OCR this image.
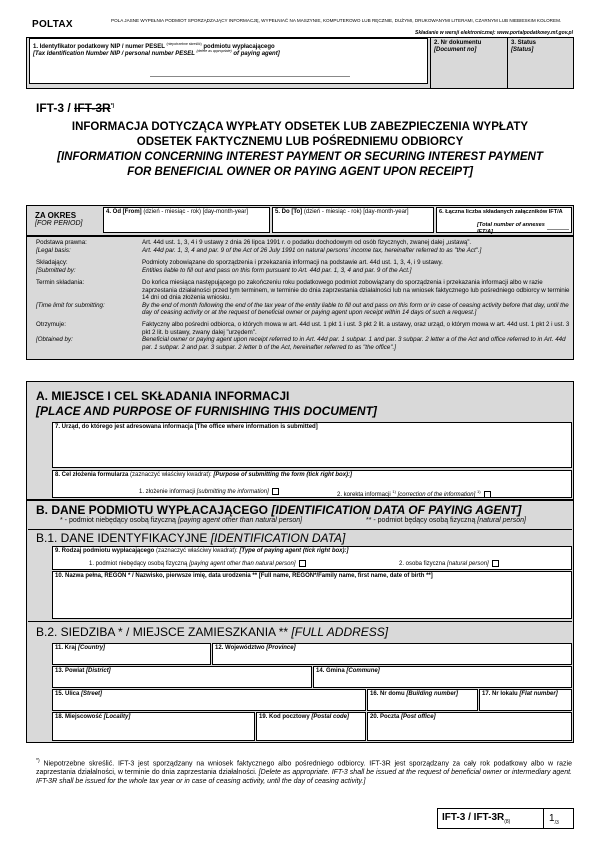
POLTAX	POLA JASNE WYPEŁNIA PODMIOT SPORZĄDZAJĄCY INFORMACJĘ, WYPEŁNIAĆ NA MASZYNIE, KOMPUTEROWO LUB RĘCZNIE, DUŻYMI, DRUKOWANYMI LITERAMI, CZARNYM LUB NIEBIESKIM KOLOREM.
Składanie w wersji elektronicznej: www.portalpodatkowy.mf.gov.pl
1. Identyfikator podatkowy NIP / numer PESEL $^{(niepotrzebne skreślić)}$ podmiotu wypłacającego
[Tax Identification Number NIP / personal number PESEL $^{(delete as appropriate)}$ of paying agent]
2. Nr dokumentu
[Document no]
3. Status
[Status]
IFT-3 / IFT-3R*)
INFORMACJA DOTYCZĄCA WYPŁATY ODSETEK LUB ZABEZPIECZENIA WYPŁATY
ODSETEK FAKTYCZNEMU LUB POŚREDNIEMU ODBIORCY
[INFORMATION CONCERNING INTEREST PAYMENT OR SECURING INTEREST PAYMENT
FOR BENEFICIAL OWNER OR PAYING AGENT UPON RECEIPT]
ZA OKRES
[FOR PERIOD]
4. Od [From] (dzień - miesiąc - rok) [day-month-year]	5. Do [To] (dzień - miesiąc - rok) [day-month-year]	6. Łączna liczba składanych załączników IFT/A
[Total number of annexes IFT/A]
Podstawa prawna:
[Legal basis:
Art. 44d ust. 1, 3, 4 i 9 ustawy z dnia 26 lipca 1991 r. o podatku dochodowym od osób fizycznych, zwanej dalej „ustawą”.
Art. 44d par. 1, 3, 4 and par. 9 of the Act of 26 July 1991 on natural persons' income tax, hereinafter referred to as "the Act".]
Składający:
[Submitted by:
Podmioty zobowiązane do sporządzenia i przekazania informacji na podstawie art. 44d ust. 1, 3, 4, i 9 ustawy.
Entities liable to fill out and pass on this form pursuant to Art. 44d par. 1, 3, 4 and par. 9 of the Act.]
Termin składania:
[Time limit for submitting:
Do końca miesiąca następującego po zakończeniu roku podatkowego podmiot zobowiązany do sporządzenia i przekazania informacji albo w razie zaprzestania działalności przed tym terminem, w terminie do dnia zaprzestania działalności lub na wniosek faktycznego lub pośredniego odbiorcy w terminie 14 dni od dnia złożenia wniosku.
By the end of month following the end of the tax year of the entity liable to fill out and pass on this form or in case of ceasing activity before that day, until the day of ceasing activity or at the request of beneficial owner or paying agent upon receipt within 14 days of such a request.]
Otrzymuje:
[Obtained by:
Faktyczny albo pośredni odbiorca, o których mowa w art. 44d ust. 1 pkt 1 i ust. 3 pkt 2 lit. a ustawy, oraz urząd, o którym mowa w art. 44d ust. 1 pkt 2 i ust. 3 pkt 2 lit. b ustawy, zwany dalej "urzędem".
Beneficial owner or paying agent upon receipt referred to in Art. 44d par. 1 subpar. 1 and par. 3 subpar. 2 letter a of the Act and office referred to in Art. 44d par. 1 subpar. 2 and par. 3 subpar. 2 letter b of the Act, hereinafter referred to as "the office".]
A. MIEJSCE I CEL SKŁADANIA INFORMACJI
[PLACE AND PURPOSE OF FURNISHING THIS DOCUMENT]
7. Urząd, do którego jest adresowana informacja [The office where information is submitted]
8. Cel złożenia formularza (zaznaczyć właściwy kwadrat): [Purpose of submitting the form (tick right box):]
1. złożenie informacji [submitting the information]	2. korekta informacji $^{1)}$ [correction of the information] $^{1)}$
B. DANE PODMIOTU WYPŁACAJĄCEGO [IDENTIFICATION DATA OF PAYING AGENT]
* - podmiot niebędący osobą fizyczną [paying agent other than natural person]	** - podmiot będący osobą fizyczną [natural person]
B.1. DANE IDENTYFIKACYJNE [IDENTIFICATION DATA]
9. Rodzaj podmiotu wypłacającego (zaznaczyć właściwy kwadrat): [Type of paying agent (tick right box):]
1. podmiot niebędący osobą fizyczną [paying agent other than natural person]	2. osoba fizyczna [natural person]
10. Nazwa pełna, REGON * / Nazwisko, pierwsze imię, data urodzenia ** [Full name, REGON*/Family name, first name, date of birth **]
B.2. SIEDZIBA * / MIEJSCE ZAMIESZKANIA ** [FULL ADDRESS]
11. Kraj [Country]	12. Województwo [Province]
13. Powiat [District]	14. Gmina [Commune]
15. Ulica [Street]	16. Nr domu [Building number]	17. Nr lokalu [Flat number]
18. Miejscowość [Locality]	19. Kod pocztowy [Postal code]	20. Poczta [Post office]
*) Niepotrzebne skreślić. IFT-3 jest sporządzany na wniosek faktycznego albo pośredniego odbiorcy. IFT-3R jest sporządzany za cały rok podatkowy albo w razie zaprzestania działalności, w terminie do dnia zaprzestania działalności. [Delete as appropriate. IFT-3 shall be issued at the request of beneficial owner or intermediary agent. IFT-3R shall be issued for the whole tax year or in case of ceasing activity, until the day of ceasing activity.]
IFT-3 / IFT-$3R_{(8)}$	$1_{/3}$
